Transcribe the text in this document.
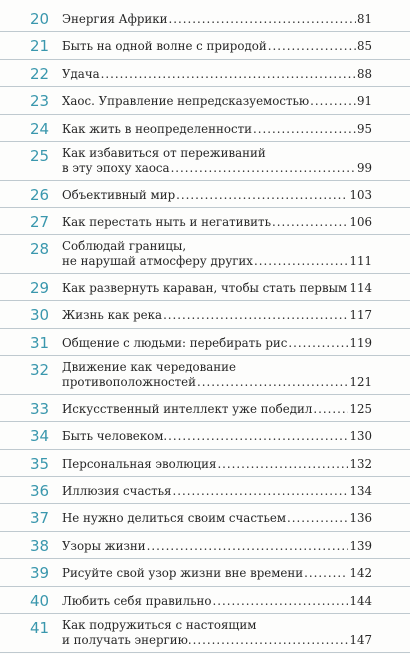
20 Энергия Африки .....	81
21 Быть на одной волне с природой .....	85
22 Удача .....	88
23 Хаос. Управление непредсказуемостью .....	91
24 Как жить в неопределенности .....	95
25 Как избавиться от переживаний
в эту эпоху хаоса .....	99
26 Объективный мир .....	103
27 Как перестать ныть и негативить .....	106
28 Соблюдай границы,
не нарушай атмосферу других .....	111
29 Как развернуть караван, чтобы стать первым ..... 114
30 Жизнь как река .....	117
31 Общение с людьми: перебирать рис .....	119
32 Движение как чередование
противоположностей .....	121
33 Искусственный интеллект уже победил .....	125
34 Быть человеком. .....	130
35 Персональная эволюция .....	132
36 Иллюзия счастья .....	134
37 Не нужно делиться своим счастьем .....	136
38 Узоры жизни .....	139
39 Рисуйте свой узор жизни вне времени .....	142
40 Любить себя правильно .....	144
41 Как подружиться с настоящим
и получать энергию. .....	147
